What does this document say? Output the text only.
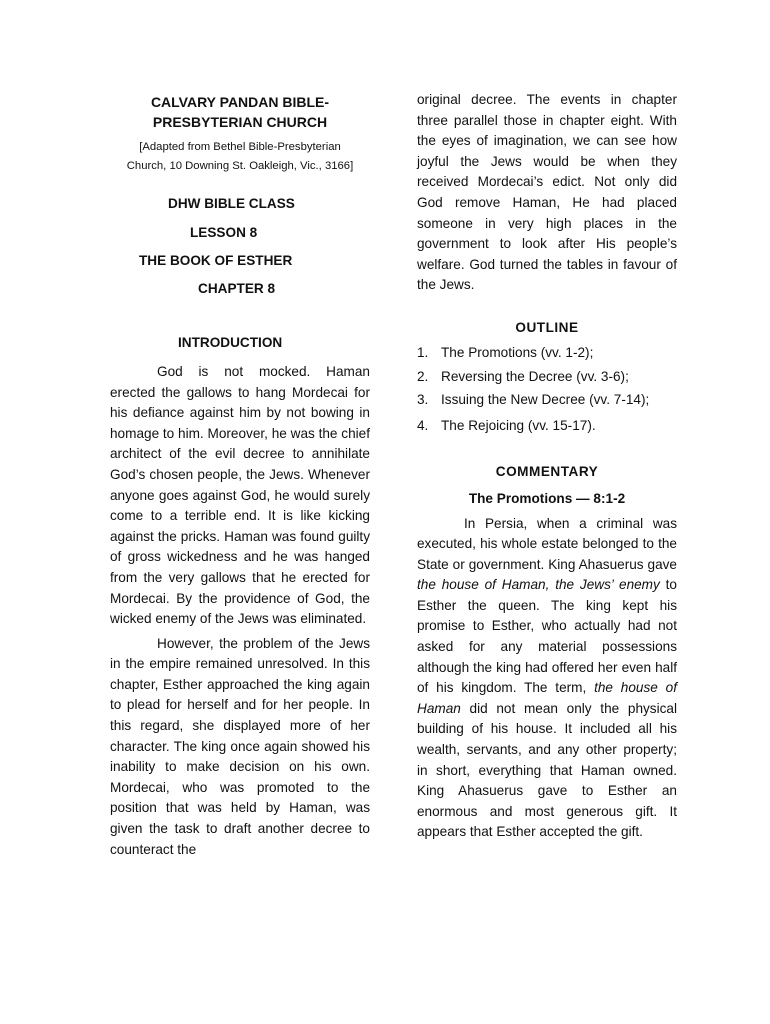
CALVARY PANDAN BIBLE-
PRESBYTERIAN CHURCH
[Adapted from Bethel Bible-Presbyterian
Church, 10 Downing St. Oakleigh, Vic., 3166]
DHW BIBLE CLASS
LESSON 8
THE BOOK OF ESTHER
CHAPTER 8
INTRODUCTION

God is not mocked. Haman erected the gallows to hang Mordecai for his defiance against him by not bowing in homage to him. Moreover, he was the chief architect of the evil decree to annihilate God’s chosen people, the Jews. Whenever anyone goes against God, he would surely come to a terrible end. It is like kicking against the pricks. Haman was found guilty of gross wickedness and he was hanged from the very gallows that he erected for Mordecai. By the providence of God, the wicked enemy of the Jews was eliminated.

However, the problem of the Jews in the empire remained unresolved. In this chapter, Esther approached the king again to plead for herself and for her people. In this regard, she displayed more of her character. The king once again showed his inability to make decision on his own. Mordecai, who was promoted to the position that was held by Haman, was given the task to draft another decree to counteract the

original decree. The events in chapter three parallel those in chapter eight. With the eyes of imagination, we can see how joyful the Jews would be when they received Mordecai’s edict. Not only did God remove Haman, He had placed someone in very high places in the government to look after His people’s welfare. God turned the tables in favour of the Jews.

OUTLINE
1. The Promotions (vv. 1-2);
2. Reversing the Decree (vv. 3-6);
3. Issuing the New Decree (vv. 7-14);
4. The Rejoicing (vv. 15-17).
COMMENTARY
The Promotions — 8:1-2

In Persia, when a criminal was executed, his whole estate belonged to the State or government. King Ahasuerus gave the house of Haman, the Jews’ enemy to Esther the queen. The king kept his promise to Esther, who actually had not asked for any material possessions although the king had offered her even half of his kingdom. The term, the house of Haman did not mean only the physical building of his house. It included all his wealth, servants, and any other property; in short, everything that Haman owned. King Ahasuerus gave to Esther an enormous and most generous gift. It appears that Esther accepted the gift.
